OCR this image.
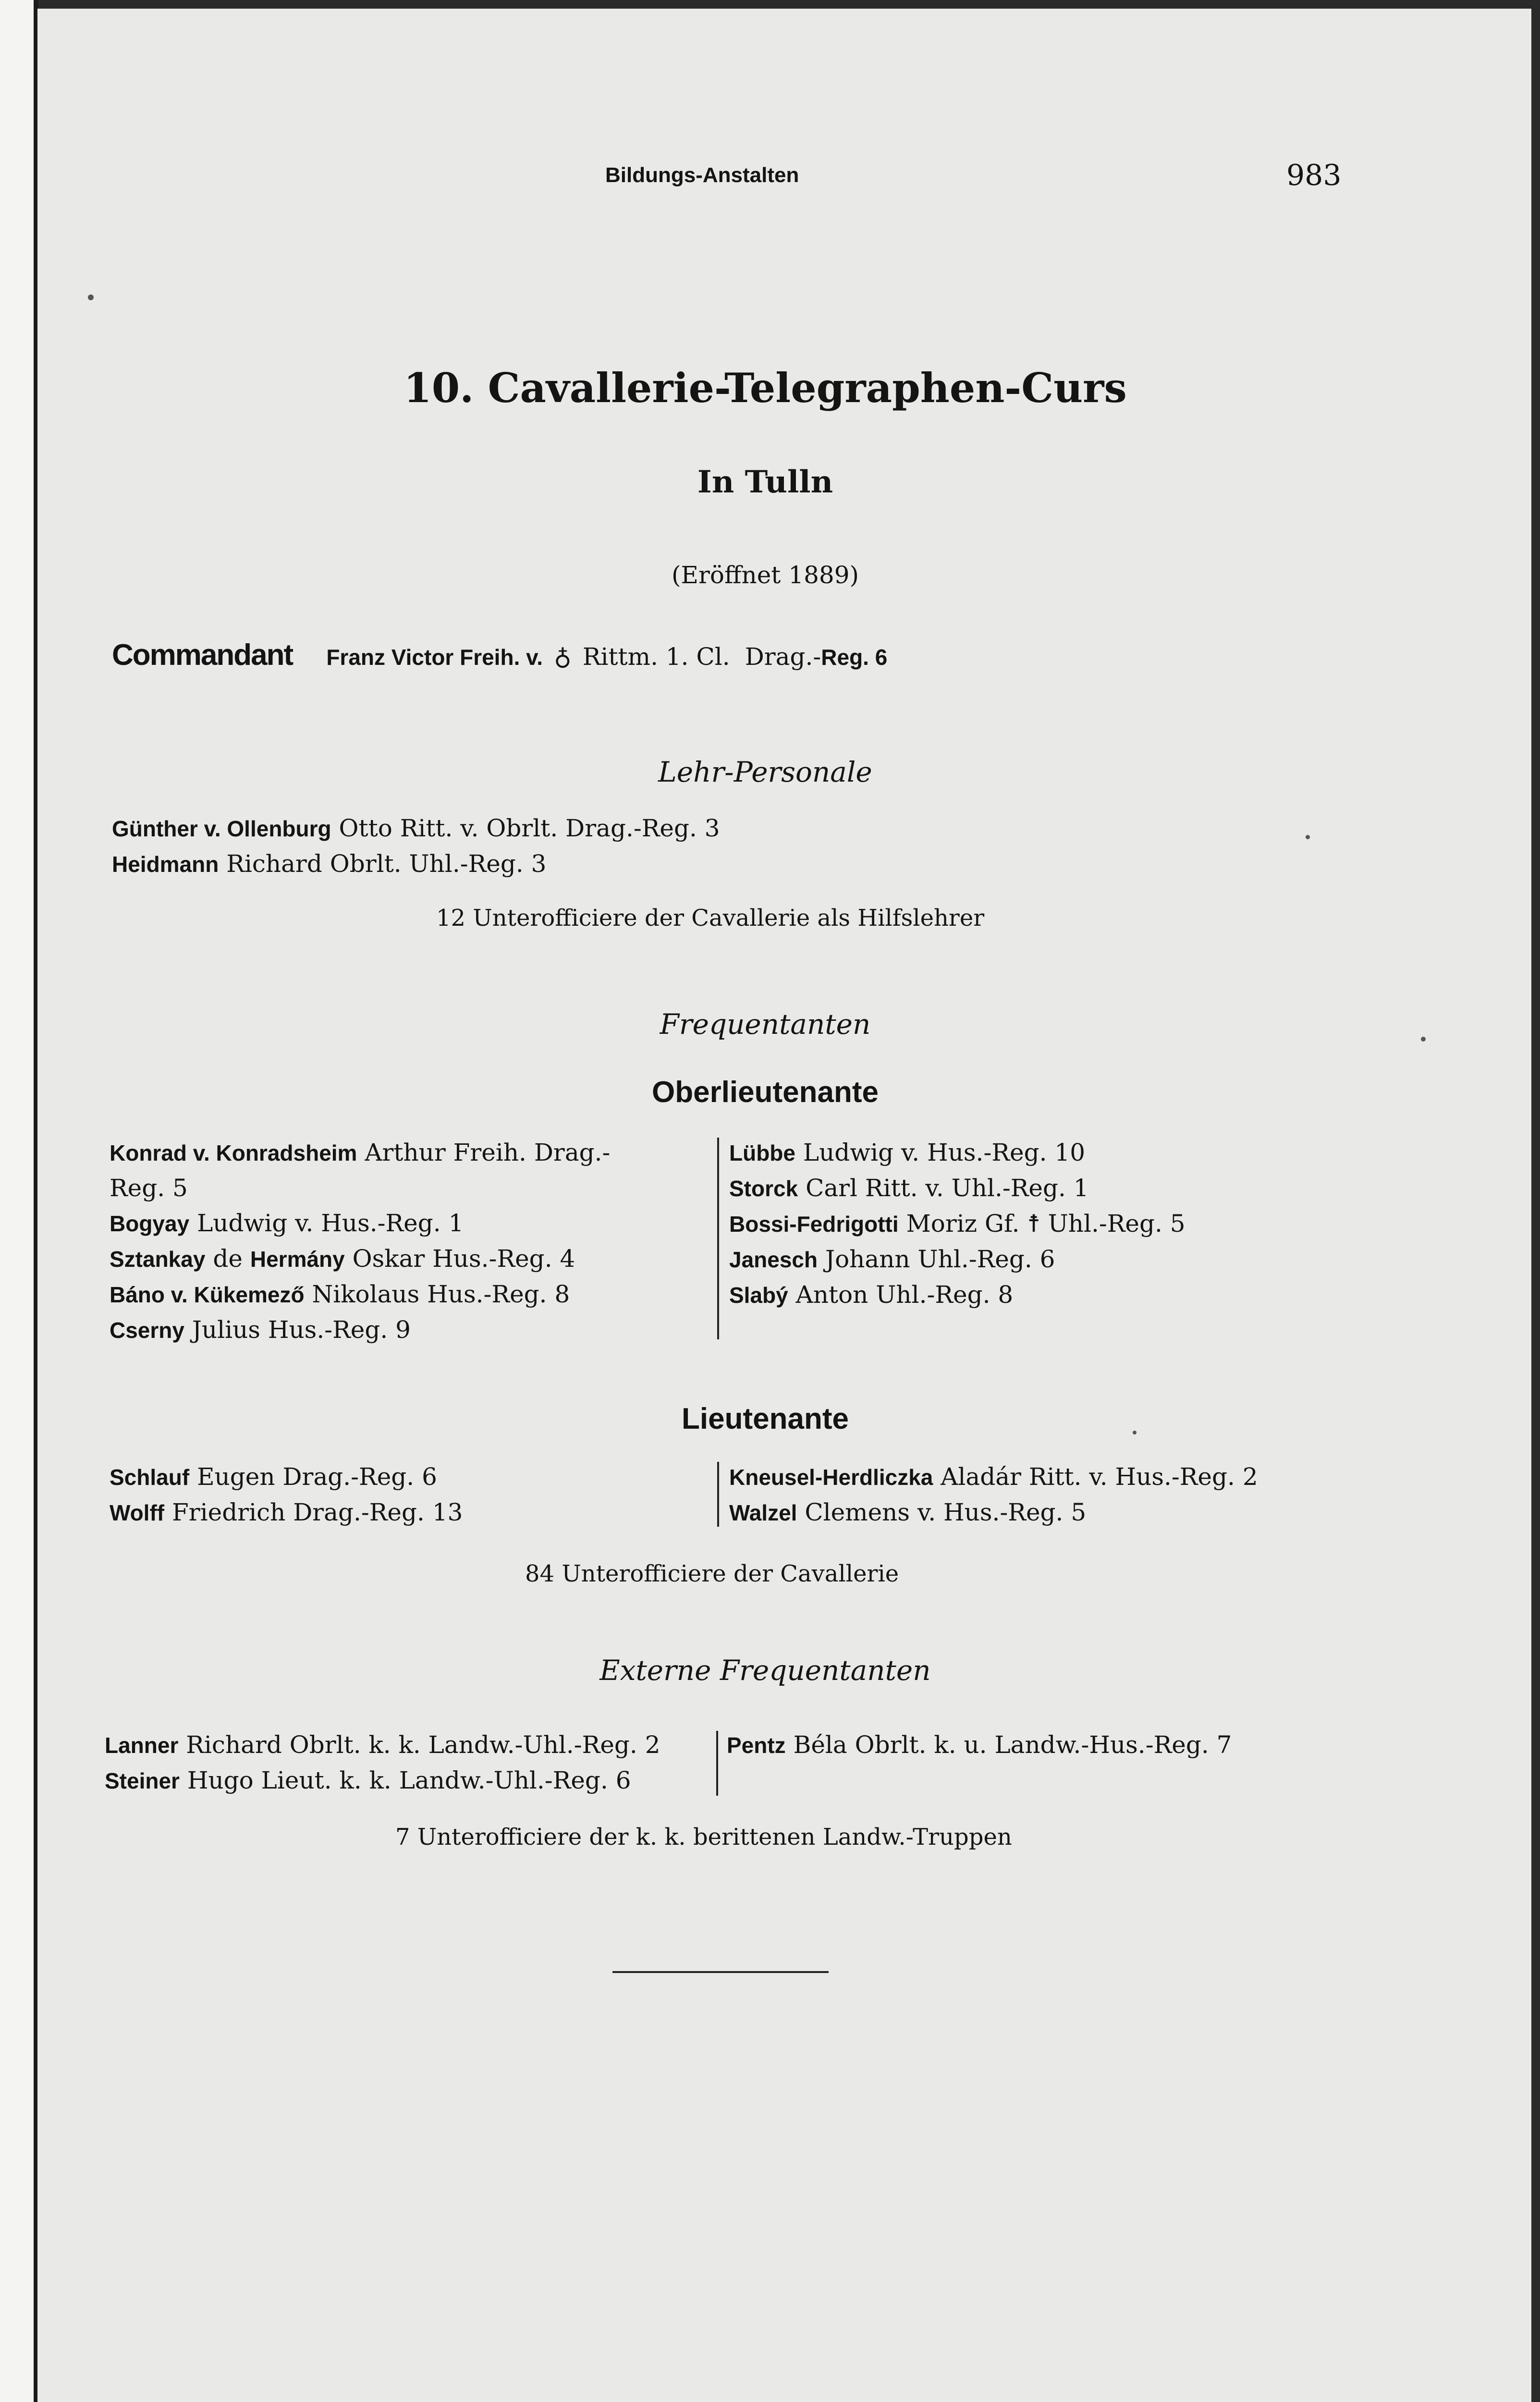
Bildungs-Anstalten	983
10. Cavallerie-Telegraphen-Curs
In Tulln
(Eröffnet 1889)
Commandant Franz Victor Freih. v. ♁ Rittm. 1. Cl. Drag.-Reg. 6
Lehr-Personale
Günther v. Ollenburg Otto Ritt. v. Obrlt. Drag.-Reg. 3
Heidmann Richard Obrlt. Uhl.-Reg. 3
12 Unterofficiere der Cavallerie als Hilfslehrer
Frequentanten
Oberlieutenante
Konrad v. Konradsheim Arthur Freih. Drag.-
Reg. 5
Bogyay Ludwig v. Hus.-Reg. 1
Sztankay de Hermány Oskar Hus.-Reg. 4
Báno v. Kükemező Nikolaus Hus.-Reg. 8
Cserny Julius Hus.-Reg. 9
Lübbe Ludwig v. Hus.-Reg. 10
Storck Carl Ritt. v. Uhl.-Reg. 1
Bossi-Fedrigotti Moriz Gf. ☨ Uhl.-Reg. 5
Janesch Johann Uhl.-Reg. 6
Slabý Anton Uhl.-Reg. 8
Lieutenante
Schlauf Eugen Drag.-Reg. 6
Wolff Friedrich Drag.-Reg. 13
Kneusel-Herdliczka Aladár Ritt. v. Hus.-Reg. 2
Walzel Clemens v. Hus.-Reg. 5
84 Unterofficiere der Cavallerie
Externe Frequentanten
Lanner Richard Obrlt. k. k. Landw.-Uhl.-Reg. 2
Steiner Hugo Lieut. k. k. Landw.-Uhl.-Reg. 6
Pentz Béla Obrlt. k. u. Landw.-Hus.-Reg. 7
7 Unterofficiere der k. k. berittenen Landw.-Truppen
